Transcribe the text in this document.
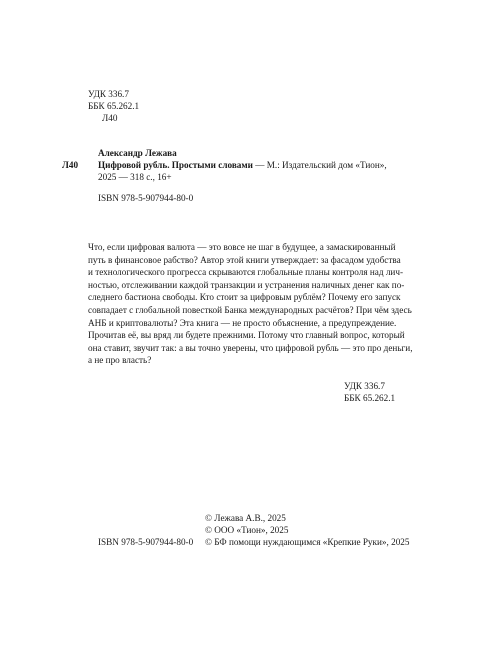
УДК 336.7
ББК 65.262.1
Л40
Александр Лежава
Л40 Цифровой рубль. Простыми словами — М.: Издательский дом «Тион»,
2025 — 318 с., 16+
ISBN 978-5-907944-80-0
Что, если цифровая валюта — это вовсе не шаг в будущее, а замаскированный
путь в финансовое рабство? Автор этой книги утверждает: за фасадом удобства
и технологического прогресса скрываются глобальные планы контроля над лич-
ностью, отслеживании каждой транзакции и устранения наличных денег как по-
следнего бастиона свободы. Кто стоит за цифровым рублём? Почему его запуск
совпадает с глобальной повесткой Банка международных расчётов? При чём здесь
АНБ и криптовалюты? Эта книга — не просто объяснение, а предупреждение.
Прочитав её, вы вряд ли будете прежними. Потому что главный вопрос, который
она ставит, звучит так: а вы точно уверены, что цифровой рубль — это про деньги,
а не про власть?
УДК 336.7
ББК 65.262.1
ISBN 978-5-907944-80-0
© Лежава А.В., 2025
© ООО «Тион», 2025
© БФ помощи нуждающимся «Крепкие Руки», 2025
